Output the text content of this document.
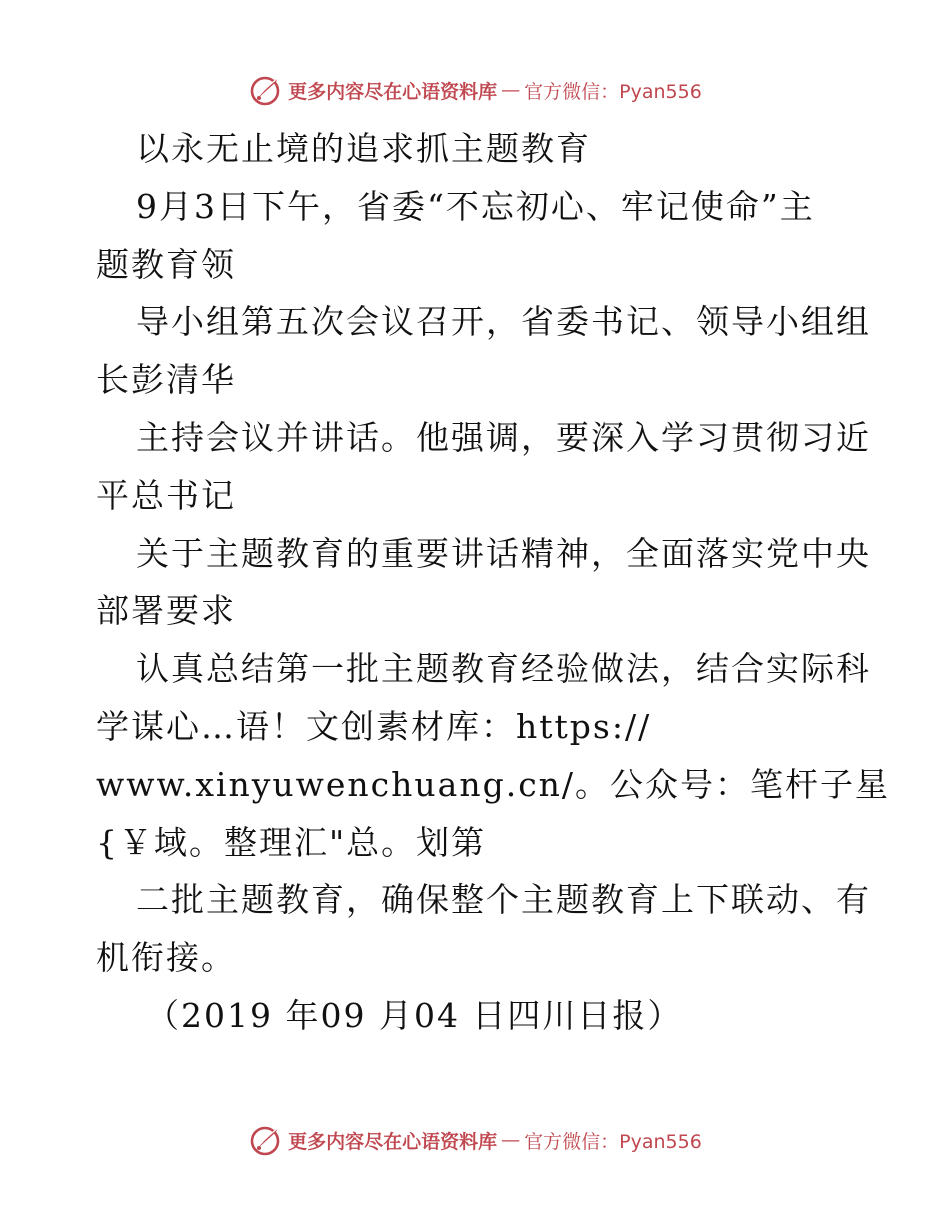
更多内容尽在心语资料库 — 官方微信：Pyan556
以永无止境的追求抓主题教育
9月3日下午，省委“不忘初心、牢记使命”主
题教育领
导小组第五次会议召开，省委书记、领导小组组
长彭清华
主持会议并讲话。他强调，要深入学习贯彻习近
平总书记
关于主题教育的重要讲话精神，全面落实党中央
部署要求
认真总结第一批主题教育经验做法，结合实际科
学谋心…语！文创素材库：https://
www.xinyuwenchuang.cn/。公众号：笔杆子星
{￥域。整理汇"总。划第
二批主题教育，确保整个主题教育上下联动、有
机衔接。
（2019 年09 月04 日四川日报）
更多内容尽在心语资料库 — 官方微信：Pyan556
